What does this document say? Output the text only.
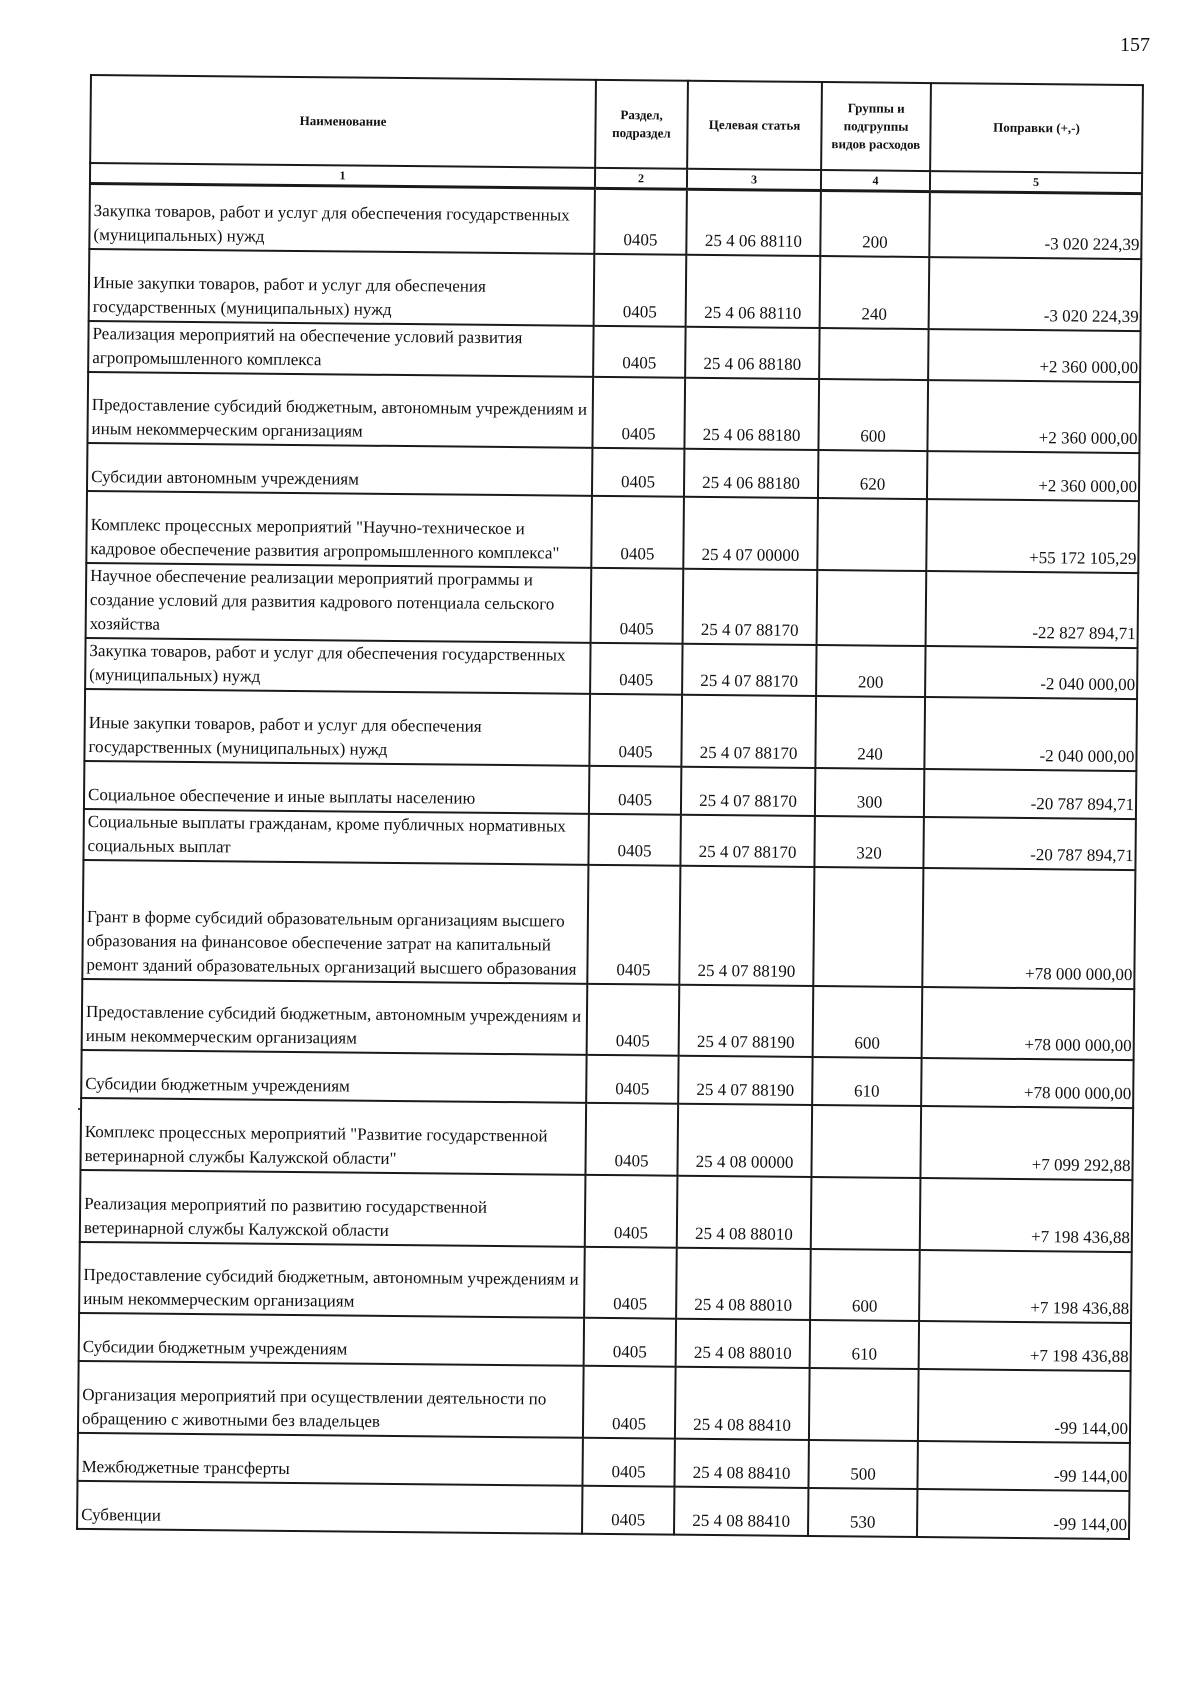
157
Наименование	Раздел, подраздел	Целевая статья	Группы и подгруппы видов расходов	Поправки (+,-)
1	2	3	4	5
Закупка товаров, работ и услуг для обеспечения государственных (муниципальных) нужд	0405	25 4 06 88110	200	-3 020 224,39
Иные закупки товаров, работ и услуг для обеспечения государственных (муниципальных) нужд	0405	25 4 06 88110	240	-3 020 224,39
Реализация мероприятий на обеспечение условий развития агропромышленного комплекса	0405	25 4 06 88180		+2 360 000,00
Предоставление субсидий бюджетным, автономным учреждениям и иным некоммерческим организациям	0405	25 4 06 88180	600	+2 360 000,00
Субсидии автономным учреждениям	0405	25 4 06 88180	620	+2 360 000,00
Комплекс процессных мероприятий "Научно-техническое и кадровое обеспечение развития агропромышленного комплекса"	0405	25 4 07 00000		+55 172 105,29
Научное обеспечение реализации мероприятий программы и создание условий для развития кадрового потенциала сельского хозяйства	0405	25 4 07 88170		-22 827 894,71
Закупка товаров, работ и услуг для обеспечения государственных (муниципальных) нужд	0405	25 4 07 88170	200	-2 040 000,00
Иные закупки товаров, работ и услуг для обеспечения государственных (муниципальных) нужд	0405	25 4 07 88170	240	-2 040 000,00
Социальное обеспечение и иные выплаты населению	0405	25 4 07 88170	300	-20 787 894,71
Социальные выплаты гражданам, кроме публичных нормативных социальных выплат	0405	25 4 07 88170	320	-20 787 894,71
Грант в форме субсидий образовательным организациям высшего образования на финансовое обеспечение затрат на капитальный ремонт зданий образовательных организаций высшего образования	0405	25 4 07 88190		+78 000 000,00
Предоставление субсидий бюджетным, автономным учреждениям и иным некоммерческим организациям	0405	25 4 07 88190	600	+78 000 000,00
Субсидии бюджетным учреждениям	0405	25 4 07 88190	610	+78 000 000,00
Комплекс процессных мероприятий "Развитие государственной ветеринарной службы Калужской области"	0405	25 4 08 00000		+7 099 292,88
Реализация мероприятий по развитию государственной ветеринарной службы Калужской области	0405	25 4 08 88010		+7 198 436,88
Предоставление субсидий бюджетным, автономным учреждениям и иным некоммерческим организациям	0405	25 4 08 88010	600	+7 198 436,88
Субсидии бюджетным учреждениям	0405	25 4 08 88010	610	+7 198 436,88
Организация мероприятий при осуществлении деятельности по обращению с животными без владельцев	0405	25 4 08 88410		-99 144,00
Межбюджетные трансферты	0405	25 4 08 88410	500	-99 144,00
Субвенции	0405	25 4 08 88410	530	-99 144,00
